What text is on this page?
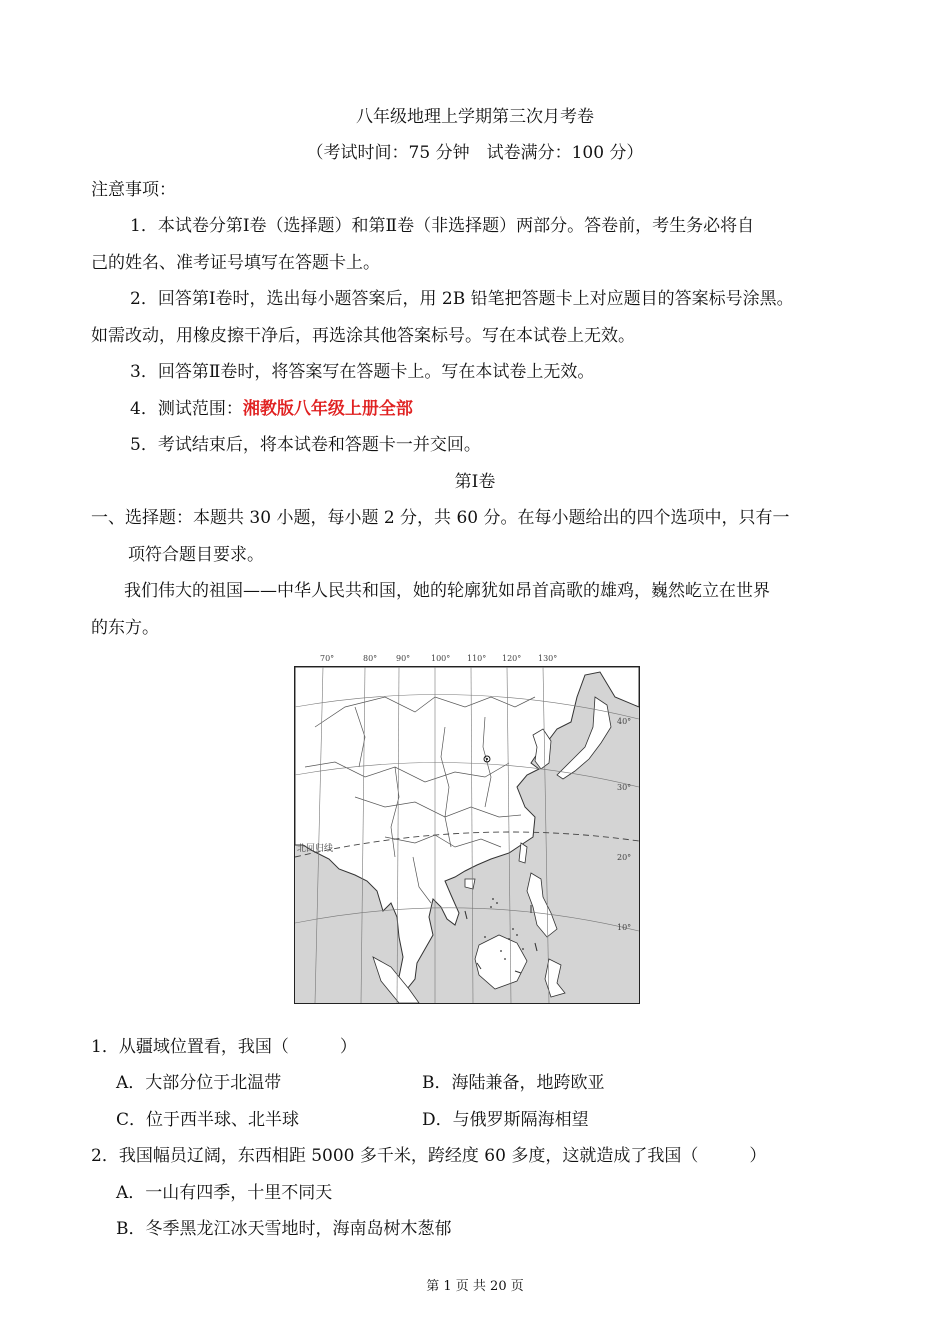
八年级地理上学期第三次月考卷
（考试时间：75 分钟　试卷满分：100 分）
注意事项：
1．本试卷分第Ⅰ卷（选择题）和第Ⅱ卷（非选择题）两部分。答卷前，考生务必将自
己的姓名、准考证号填写在答题卡上。
2．回答第Ⅰ卷时，选出每小题答案后，用 2B 铅笔把答题卡上对应题目的答案标号涂黑。
如需改动，用橡皮擦干净后，再选涂其他答案标号。写在本试卷上无效。
3．回答第Ⅱ卷时，将答案写在答题卡上。写在本试卷上无效。
4．测试范围：湘教版八年级上册全部
5．考试结束后，将本试卷和答题卡一并交回。
第Ⅰ卷
一、选择题：本题共 30 小题，每小题 2 分，共 60 分。在每小题给出的四个选项中，只有一
项符合题目要求。
我们伟大的祖国——中华人民共和国，她的轮廓犹如昂首高歌的雄鸡，巍然屹立在世界
的东方。
70°	80° 90°	100° 110° 120° 130°
北回归线
40°
30°
20°
10°
1．从疆域位置看，我国（　　　）
A．大部分位于北温带	B．海陆兼备，地跨欧亚
C．位于西半球、北半球	D．与俄罗斯隔海相望
2．我国幅员辽阔，东西相距 5000 多千米，跨经度 60 多度，这就造成了我国（　　　）
A．一山有四季，十里不同天
B．冬季黑龙江冰天雪地时，海南岛树木葱郁
第 1 页 共 20 页
